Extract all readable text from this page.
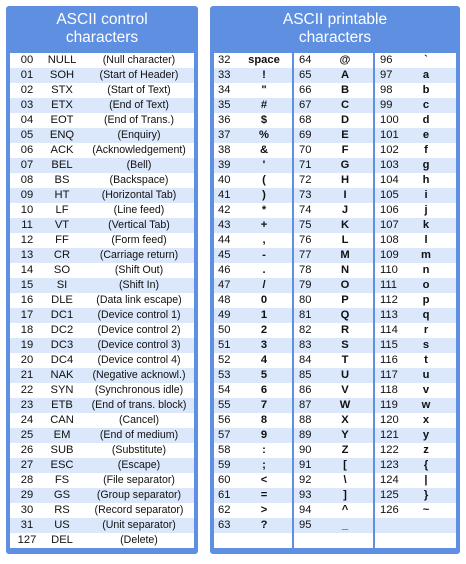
ASCII control
characters
00	NULL	(Null character)
01	SOH	(Start of Header)
02	STX	(Start of Text)
03	ETX	(End of Text)
04	EOT	(End of Trans.)
05	ENQ	(Enquiry)
06	ACK	(Acknowledgement)
07	BEL	(Bell)
08	BS	(Backspace)
09	HT	(Horizontal Tab)
10	LF	(Line feed)
11	VT	(Vertical Tab)
12	FF	(Form feed)
13	CR	(Carriage return)
14	SO	(Shift Out)
15	SI	(Shift In)
16	DLE	(Data link escape)
17	DC1	(Device control 1)
18	DC2	(Device control 2)
19	DC3	(Device control 3)
20	DC4	(Device control 4)
21	NAK	(Negative acknowl.)
22	SYN	(Synchronous idle)
23	ETB	(End of trans. block)
24	CAN	(Cancel)
25	EM	(End of medium)
26	SUB	(Substitute)
27	ESC	(Escape)
28	FS	(File separator)
29	GS	(Group separator)
30	RS	(Record separator)
31	US	(Unit separator)
127	DEL	(Delete)
ASCII printable
characters
32	space	64	@	96	`
33	!	65	A	97	a
34	"	66	B	98	b
35	#	67	C	99	c
36	$	68	D	100	d
37	%	69	E	101	e
38	&	70	F	102	f
39	'	71	G	103	g
40	(	72	H	104	h
41	)	73	I	105	i
42	*	74	J	106	j
43	+	75	K	107	k
44	,	76	L	108	l
45	-	77	M	109	m
46	.	78	N	110	n
47	/	79	O	111	o
48	0	80	P	112	p
49	1	81	Q	113	q
50	2	82	R	114	r
51	3	83	S	115	s
52	4	84	T	116	t
53	5	85	U	117	u
54	6	86	V	118	v
55	7	87	W	119	w
56	8	88	X	120	x
57	9	89	Y	121	y
58	:	90	Z	122	z
59	;	91	[	123	{
60	<	92	\	124	|
61	=	93	]	125	}
62	>	94	^	126	~
63	?	95	_
